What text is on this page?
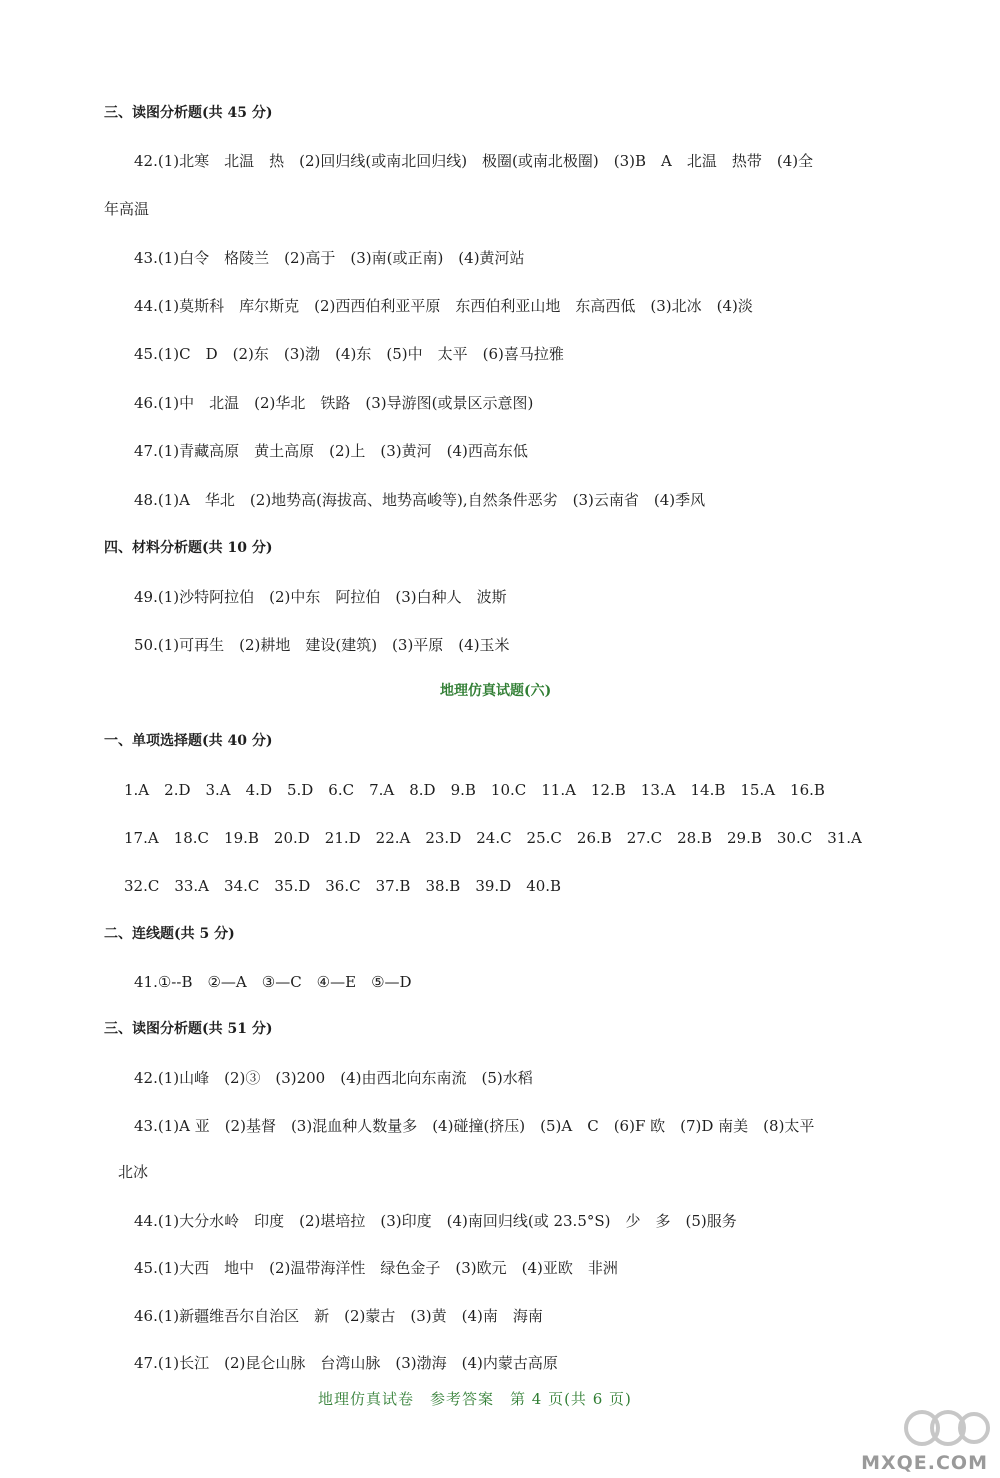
三、读图分析题(共 45 分)
42.(1)北寒　北温　热　(2)回归线(或南北回归线)　极圈(或南北极圈)　(3)B　A　北温　热带　(4)全
年高温
43.(1)白令　格陵兰　(2)高于　(3)南(或正南)　(4)黄河站
44.(1)莫斯科　库尔斯克　(2)西西伯利亚平原　东西伯利亚山地　东高西低　(3)北冰　(4)淡
45.(1)C　D　(2)东　(3)渤　(4)东　(5)中　太平　(6)喜马拉雅
46.(1)中　北温　(2)华北　铁路　(3)导游图(或景区示意图)
47.(1)青藏高原　黄土高原　(2)上　(3)黄河　(4)西高东低
48.(1)A　华北　(2)地势高(海拔高、地势高峻等),自然条件恶劣　(3)云南省　(4)季风
四、材料分析题(共 10 分)
49.(1)沙特阿拉伯　(2)中东　阿拉伯　(3)白种人　波斯
50.(1)可再生　(2)耕地　建设(建筑)　(3)平原　(4)玉米
地理仿真试题(六)
一、单项选择题(共 40 分)
1.A　2.D　3.A　4.D　5.D　6.C　7.A　8.D　9.B　10.C　11.A　12.B　13.A　14.B　15.A　16.B
17.A　18.C　19.B　20.D　21.D　22.A　23.D　24.C　25.C　26.B　27.C　28.B　29.B　30.C　31.A
32.C　33.A　34.C　35.D　36.C　37.B　38.B　39.D　40.B
二、连线题(共 5 分)
41.①--B　②—A　③—C　④—E　⑤—D
三、读图分析题(共 51 分)
42.(1)山峰　(2)③　(3)200　(4)由西北向东南流　(5)水稻
43.(1)A 亚　(2)基督　(3)混血种人数量多　(4)碰撞(挤压)　(5)A　C　(6)F 欧　(7)D 南美　(8)太平
北冰
44.(1)大分水岭　印度　(2)堪培拉　(3)印度　(4)南回归线(或 23.5°S)　少　多　(5)服务
45.(1)大西　地中　(2)温带海洋性　绿色金子　(3)欧元　(4)亚欧　非洲
46.(1)新疆维吾尔自治区　新　(2)蒙古　(3)黄　(4)南　海南
47.(1)长江　(2)昆仑山脉　台湾山脉　(3)渤海　(4)内蒙古高原
地理仿真试卷　参考答案　第 4 页(共 6 页)
MXQE.COM
